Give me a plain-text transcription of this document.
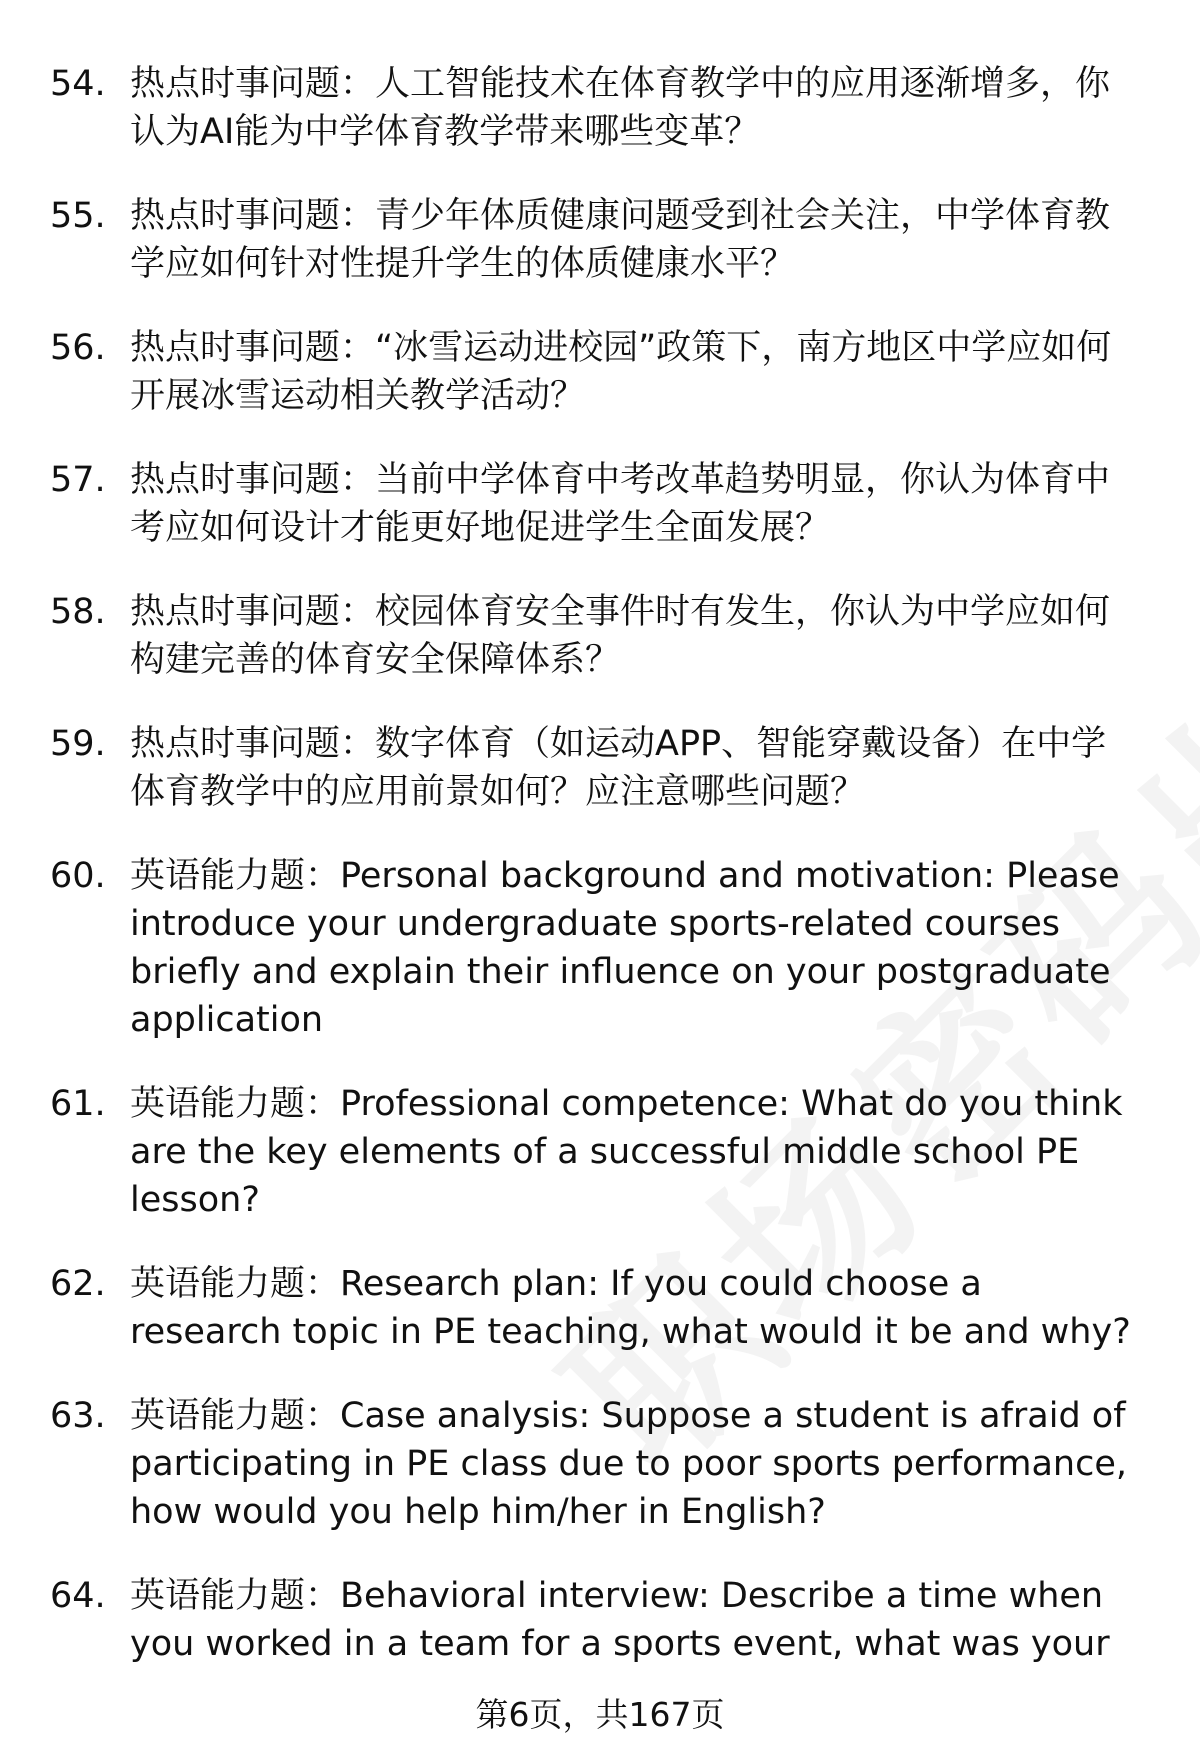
54. 热点时事问题：人工智能技术在体育教学中的应用逐渐增多，你认为AI能为中学体育教学带来哪些变革？
55. 热点时事问题：青少年体质健康问题受到社会关注，中学体育教学应如何针对性提升学生的体质健康水平？
56. 热点时事问题：“冰雪运动进校园”政策下，南方地区中学应如何开展冰雪运动相关教学活动？
57. 热点时事问题：当前中学体育中考改革趋势明显，你认为体育中考应如何设计才能更好地促进学生全面发展？
58. 热点时事问题：校园体育安全事件时有发生，你认为中学应如何构建完善的体育安全保障体系？
59. 热点时事问题：数字体育（如运动APP、智能穿戴设备）在中学体育教学中的应用前景如何？应注意哪些问题？
60. 英语能力题：Personal background and motivation: Please introduce your undergraduate sports-related courses briefly and explain their influence on your postgraduate application
61. 英语能力题：Professional competence: What do you think are the key elements of a successful middle school PE lesson?
62. 英语能力题：Research plan: If you could choose a research topic in PE teaching, what would it be and why?
63. 英语能力题：Case analysis: Suppose a student is afraid of participating in PE class due to poor sports performance, how would you help him/her in English?
64. 英语能力题：Behavioral interview: Describe a time when you worked in a team for a sports event, what was your
第6页，共167页
